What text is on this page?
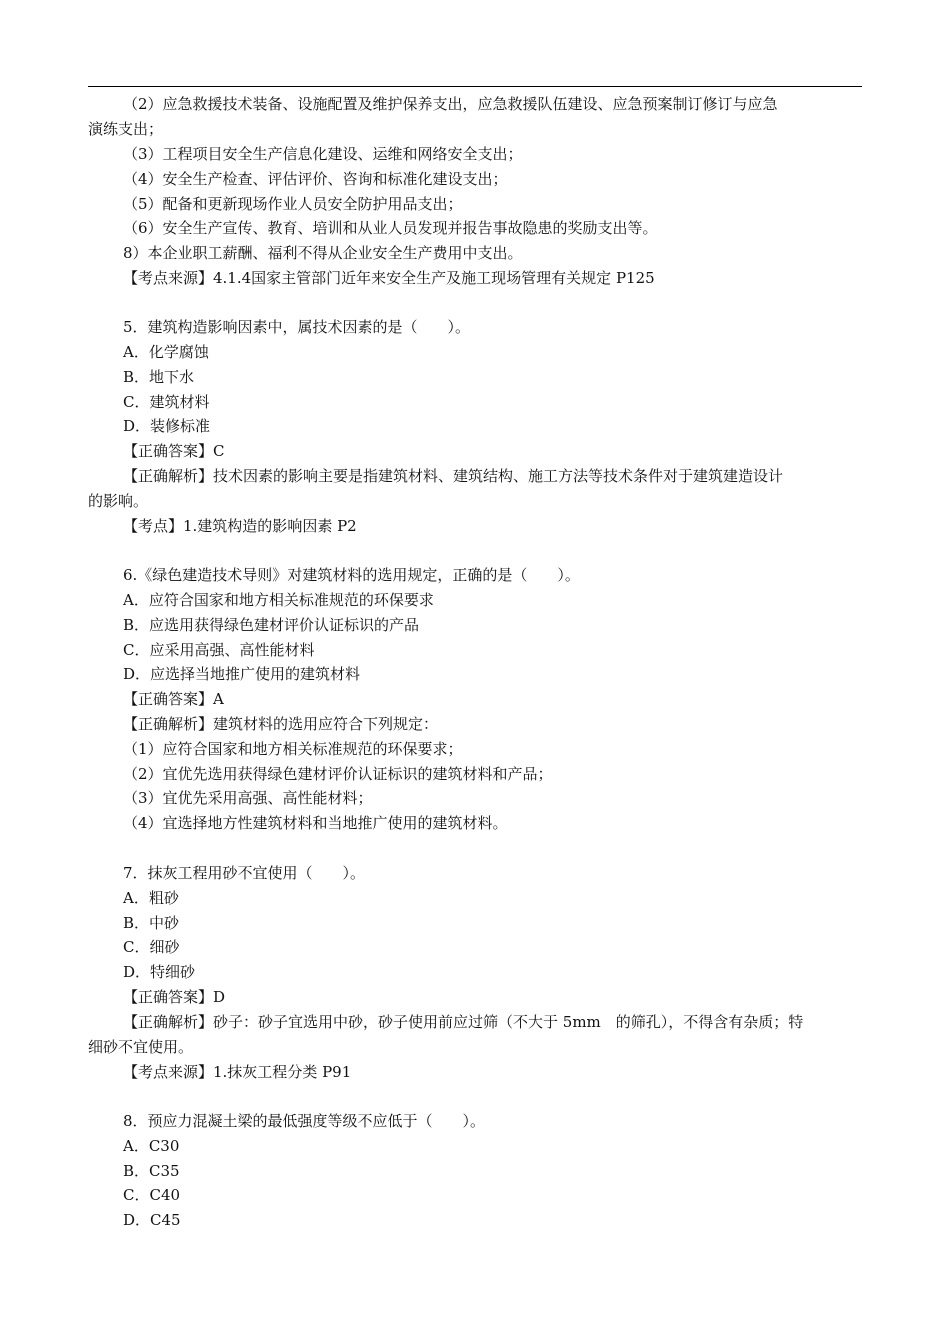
（2）应急救援技术装备、设施配置及维护保养支出，应急救援队伍建设、应急预案制订修订与应急
演练支出；
（3）工程项目安全生产信息化建设、运维和网络安全支出；
（4）安全生产检查、评估评价、咨询和标准化建设支出；
（5）配备和更新现场作业人员安全防护用品支出；
（6）安全生产宣传、教育、培训和从业人员发现并报告事故隐患的奖励支出等。
8）本企业职工薪酬、福利不得从企业安全生产费用中支出。
【考点来源】4.1.4国家主管部门近年来安全生产及施工现场管理有关规定 P125
5．建筑构造影响因素中，属技术因素的是（　　）。
A．化学腐蚀
B．地下水
C．建筑材料
D．装修标准
【正确答案】C
【正确解析】技术因素的影响主要是指建筑材料、建筑结构、施工方法等技术条件对于建筑建造设计
的影响。
【考点】1.建筑构造的影响因素 P2
6.《绿色建造技术导则》对建筑材料的选用规定，正确的是（　　）。
A．应符合国家和地方相关标准规范的环保要求
B．应选用获得绿色建材评价认证标识的产品
C．应采用高强、高性能材料
D．应选择当地推广使用的建筑材料
【正确答案】A
【正确解析】建筑材料的选用应符合下列规定：
（1）应符合国家和地方相关标准规范的环保要求；
（2）宜优先选用获得绿色建材评价认证标识的建筑材料和产品；
（3）宜优先采用高强、高性能材料；
（4）宜选择地方性建筑材料和当地推广使用的建筑材料。
7．抹灰工程用砂不宜使用（　　）。
A．粗砂
B．中砂
C．细砂
D．特细砂
【正确答案】D
【正确解析】砂子：砂子宜选用中砂，砂子使用前应过筛（不大于 5mm　的筛孔），不得含有杂质；特
细砂不宜使用。
【考点来源】1.抹灰工程分类 P91
8．预应力混凝土梁的最低强度等级不应低于（　　）。
A．C30
B．C35
C．C40
D．C45
